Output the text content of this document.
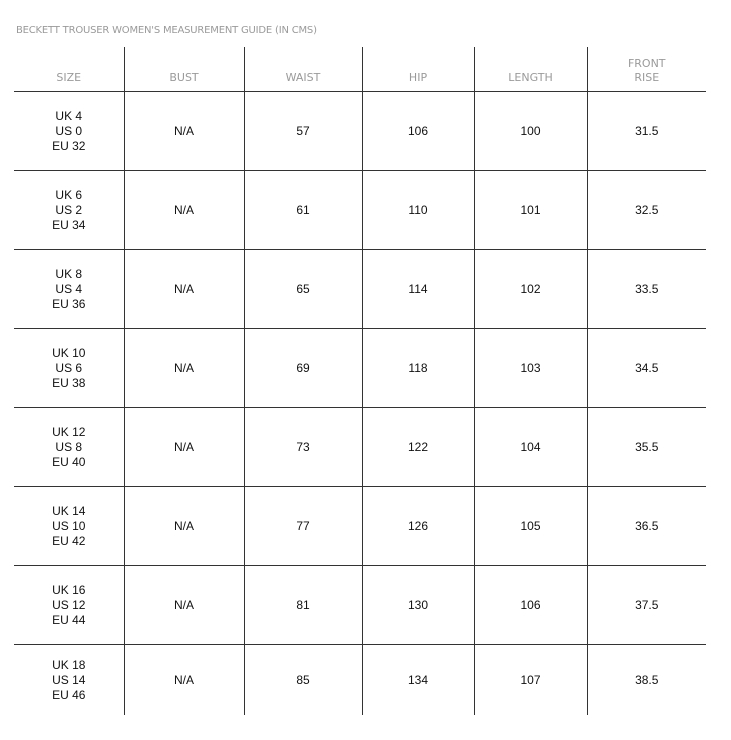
BECKETT TROUSER WOMEN'S MEASUREMENT GUIDE (IN CMS)
SIZE	BUST	WAIST	HIP	LENGTH	FRONT
RISE

UK 4
US 0
EU 32	N/A	57	106	100	31.5

UK 6
US 2
EU 34	N/A	61	110	101	32.5

UK 8
US 4
EU 36	N/A	65	114	102	33.5

UK 10
US 6
EU 38	N/A	69	118	103	34.5

UK 12
US 8
EU 40	N/A	73	122	104	35.5

UK 14
US 10
EU 42	N/A	77	126	105	36.5

UK 16
US 12
EU 44	N/A	81	130	106	37.5

UK 18
US 14
EU 46	N/A	85	134	107	38.5
